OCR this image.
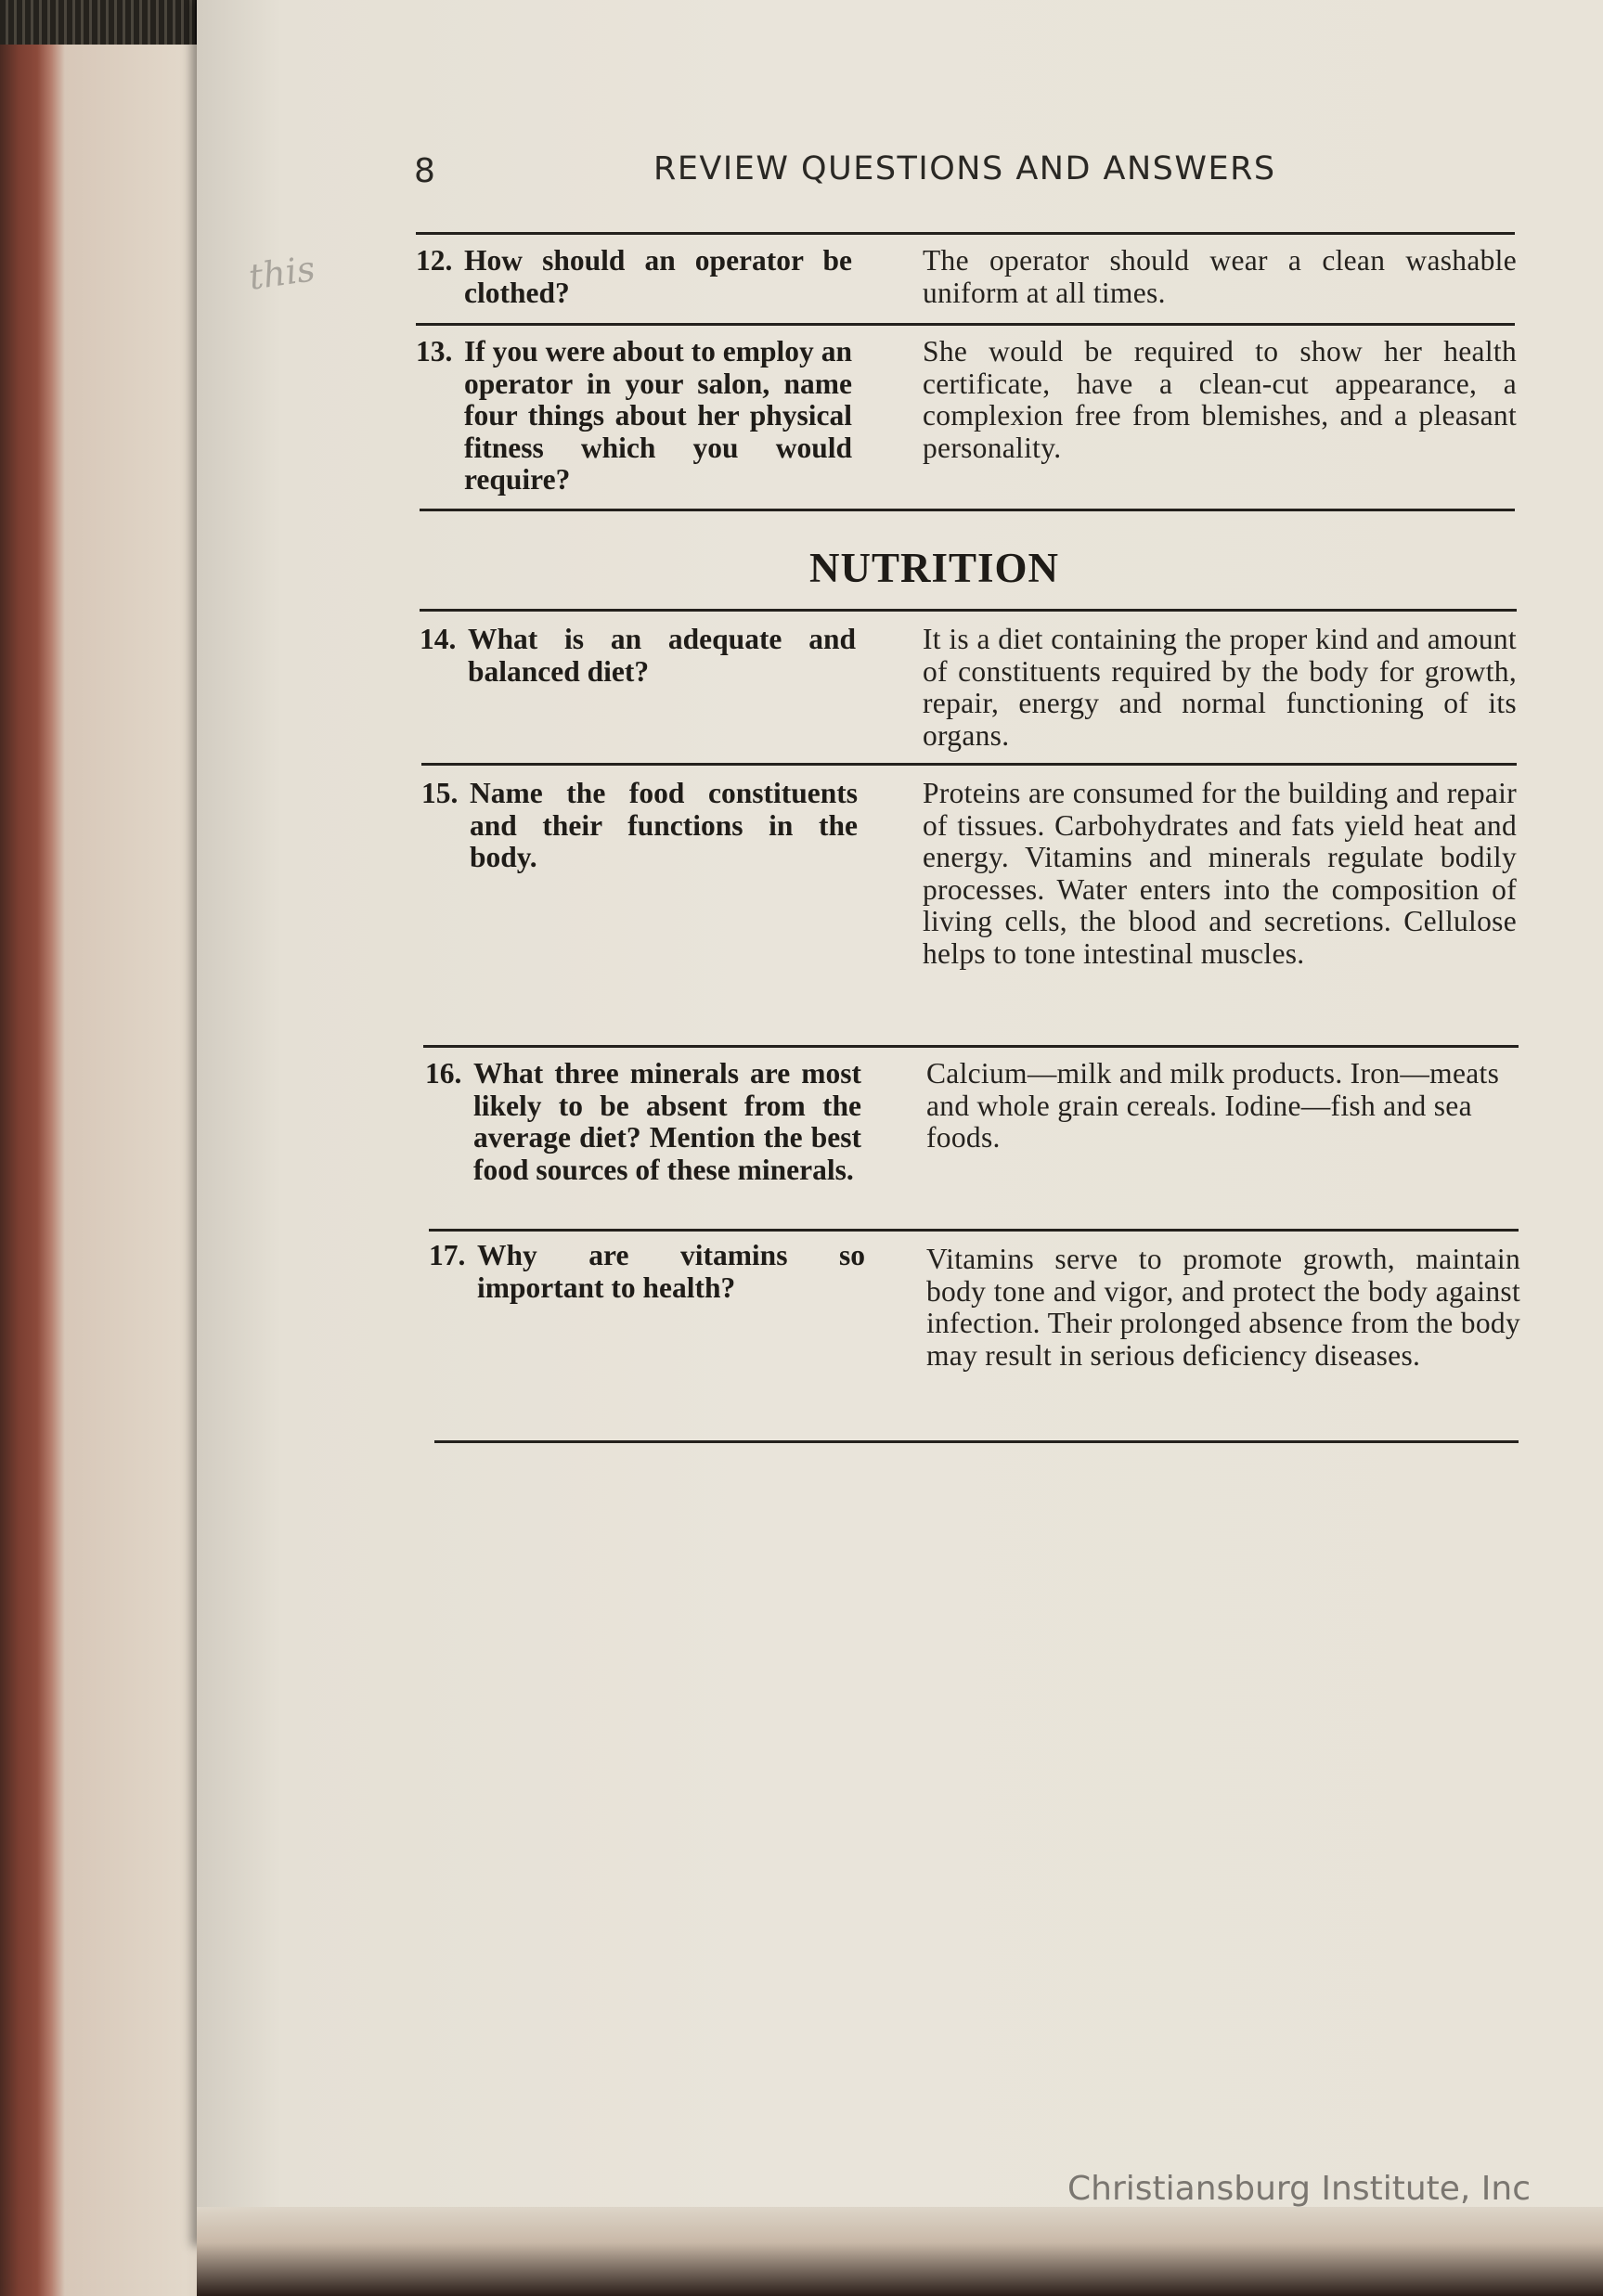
this
8	REVIEW QUESTIONS AND ANSWERS
12. How should an operator be clothed?
The operator should wear a clean washable uniform at all times.
13. If you were about to employ an operator in your salon, name four things about her physical fitness which you would require?
She would be required to show her health certificate, have a clean-cut appearance, a complexion free from blemishes, and a pleasant personality.
NUTRITION
14. What is an adequate and balanced diet?
It is a diet containing the proper kind and amount of constituents required by the body for growth, repair, energy and normal functioning of its organs.
15. Name the food constituents and their functions in the body.
Proteins are consumed for the building and repair of tissues. Carbohydrates and fats yield heat and energy. Vitamins and minerals regulate bodily processes. Water enters into the composition of living cells, the blood and secretions. Cellulose helps to tone intestinal muscles.
16. What three minerals are most likely to be absent from the average diet? Mention the best food sources of these minerals.
Calcium—milk and milk products. Iron—meats and whole grain cereals. Iodine—fish and sea foods.
17. Why are vitamins so important to health?
Vitamins serve to promote growth, maintain body tone and vigor, and protect the body against infection. Their prolonged absence from the body may result in serious deficiency diseases.
Christiansburg Institute, Inc
